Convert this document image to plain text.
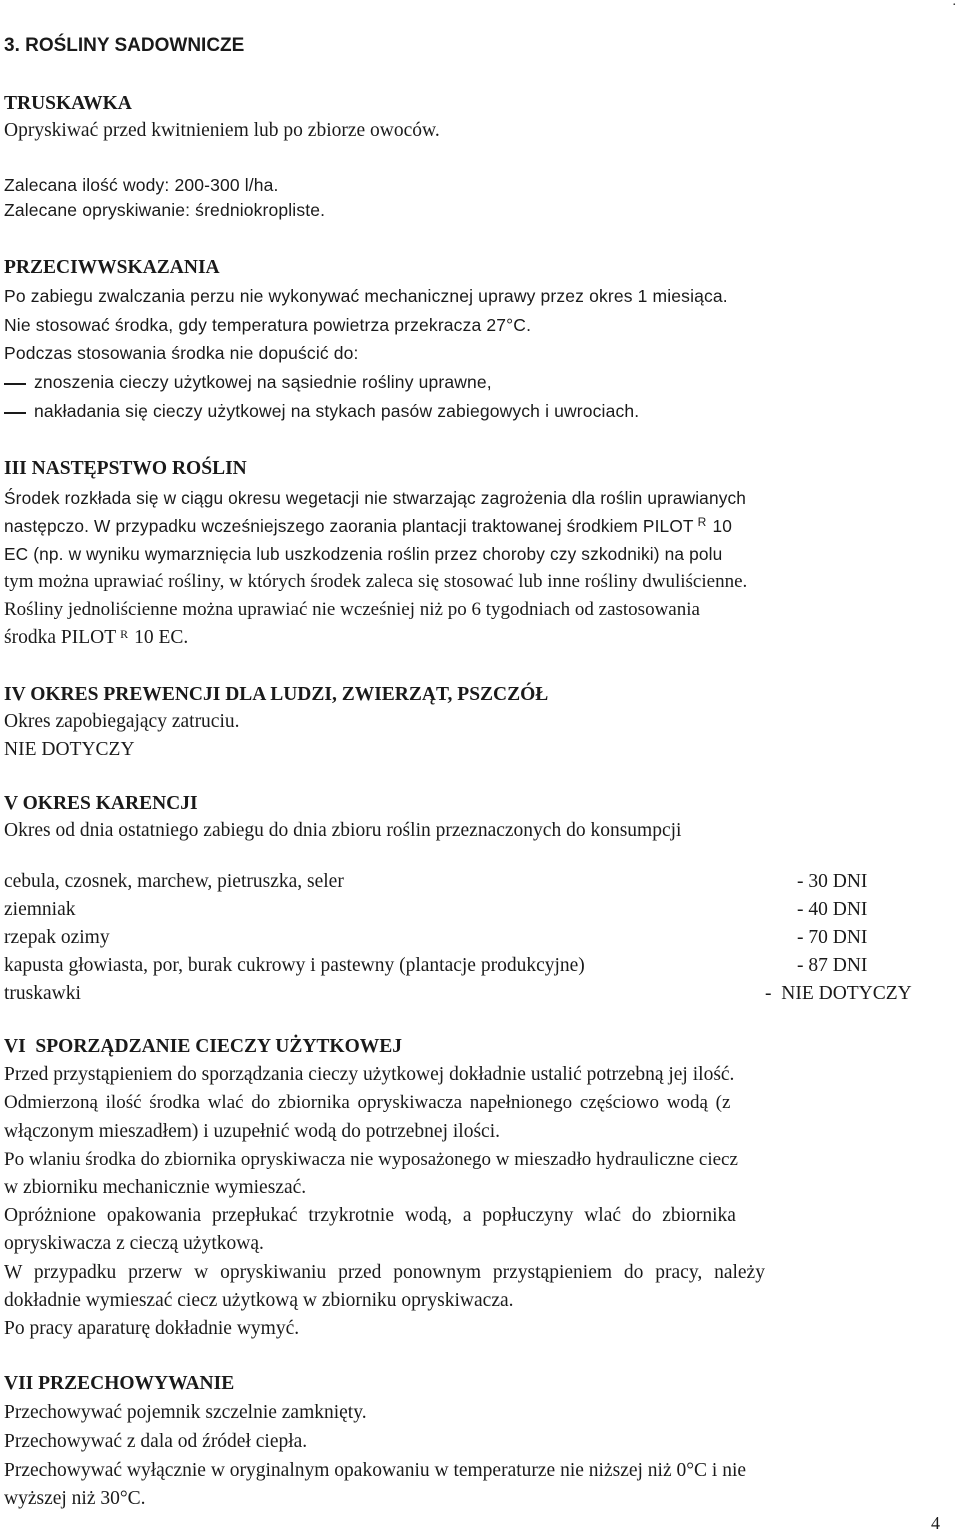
.
3. ROŚLINY SADOWNICZE
TRUSKAWKA
Opryskiwać przed kwitnieniem lub po zbiorze owoców.
Zalecana ilość wody: 200-300 l/ha.
Zalecane opryskiwanie: średniokropliste.
PRZECIWWSKAZANIA
Po zabiegu zwalczania perzu nie wykonywać mechanicznej uprawy przez okres 1 miesiąca.
Nie stosować środka, gdy temperatura powietrza przekracza 27°C.
Podczas stosowania środka nie dopuścić do:
znoszenia cieczy użytkowej na sąsiednie rośliny uprawne,
nakładania się cieczy użytkowej na stykach pasów zabiegowych i uwrociach.
III NASTĘPSTWO ROŚLIN
Środek rozkłada się w ciągu okresu wegetacji nie stwarzając zagrożenia dla roślin uprawianych
następczo. W przypadku wcześniejszego zaorania plantacji traktowanej środkiem PILOT $^R$ 10
EC (np. w wyniku wymarznięcia lub uszkodzenia roślin przez choroby czy szkodniki) na polu
tym można uprawiać rośliny, w których środek zaleca się stosować lub inne rośliny dwuliścienne.
Rośliny jednoliścienne można uprawiać nie wcześniej niż po 6 tygodniach od zastosowania
środka PILOT $^R$ 10 EC.
IV OKRES PREWENCJI DLA LUDZI, ZWIERZĄT, PSZCZÓŁ
Okres zapobiegający zatruciu.
NIE DOTYCZY
V OKRES KARENCJI
Okres od dnia ostatniego zabiegu do dnia zbioru roślin przeznaczonych do konsumpcji
cebula, czosnek, marchew, pietruszka, seler	- 30 DNI
ziemniak	- 40 DNI
rzepak ozimy	- 70 DNI
kapusta głowiasta, por, burak cukrowy i pastewny (plantacje produkcyjne)	- 87 DNI
truskawki	-  NIE DOTYCZY
VI  SPORZĄDZANIE CIECZY UŻYTKOWEJ
Przed przystąpieniem do sporządzania cieczy użytkowej dokładnie ustalić potrzebną jej ilość.
Odmierzoną ilość środka wlać do zbiornika opryskiwacza napełnionego częściowo wodą (z
włączonym mieszadłem) i uzupełnić wodą do potrzebnej ilości.
Po wlaniu środka do zbiornika opryskiwacza nie wyposażonego w mieszadło hydrauliczne ciecz
w zbiorniku mechanicznie wymieszać.
Opróżnione opakowania przepłukać trzykrotnie wodą, a popłuczyny wlać do zbiornika
opryskiwacza z cieczą użytkową.
W przypadku przerw w opryskiwaniu przed ponownym przystąpieniem do pracy, należy
dokładnie wymieszać ciecz użytkową w zbiorniku opryskiwacza.
Po pracy aparaturę dokładnie wymyć.
VII PRZECHOWYWANIE
Przechowywać pojemnik szczelnie zamknięty.
Przechowywać z dala od źródeł ciepła.
Przechowywać wyłącznie w oryginalnym opakowaniu w temperaturze nie niższej niż 0°C i nie
wyższej niż 30°C.
4
